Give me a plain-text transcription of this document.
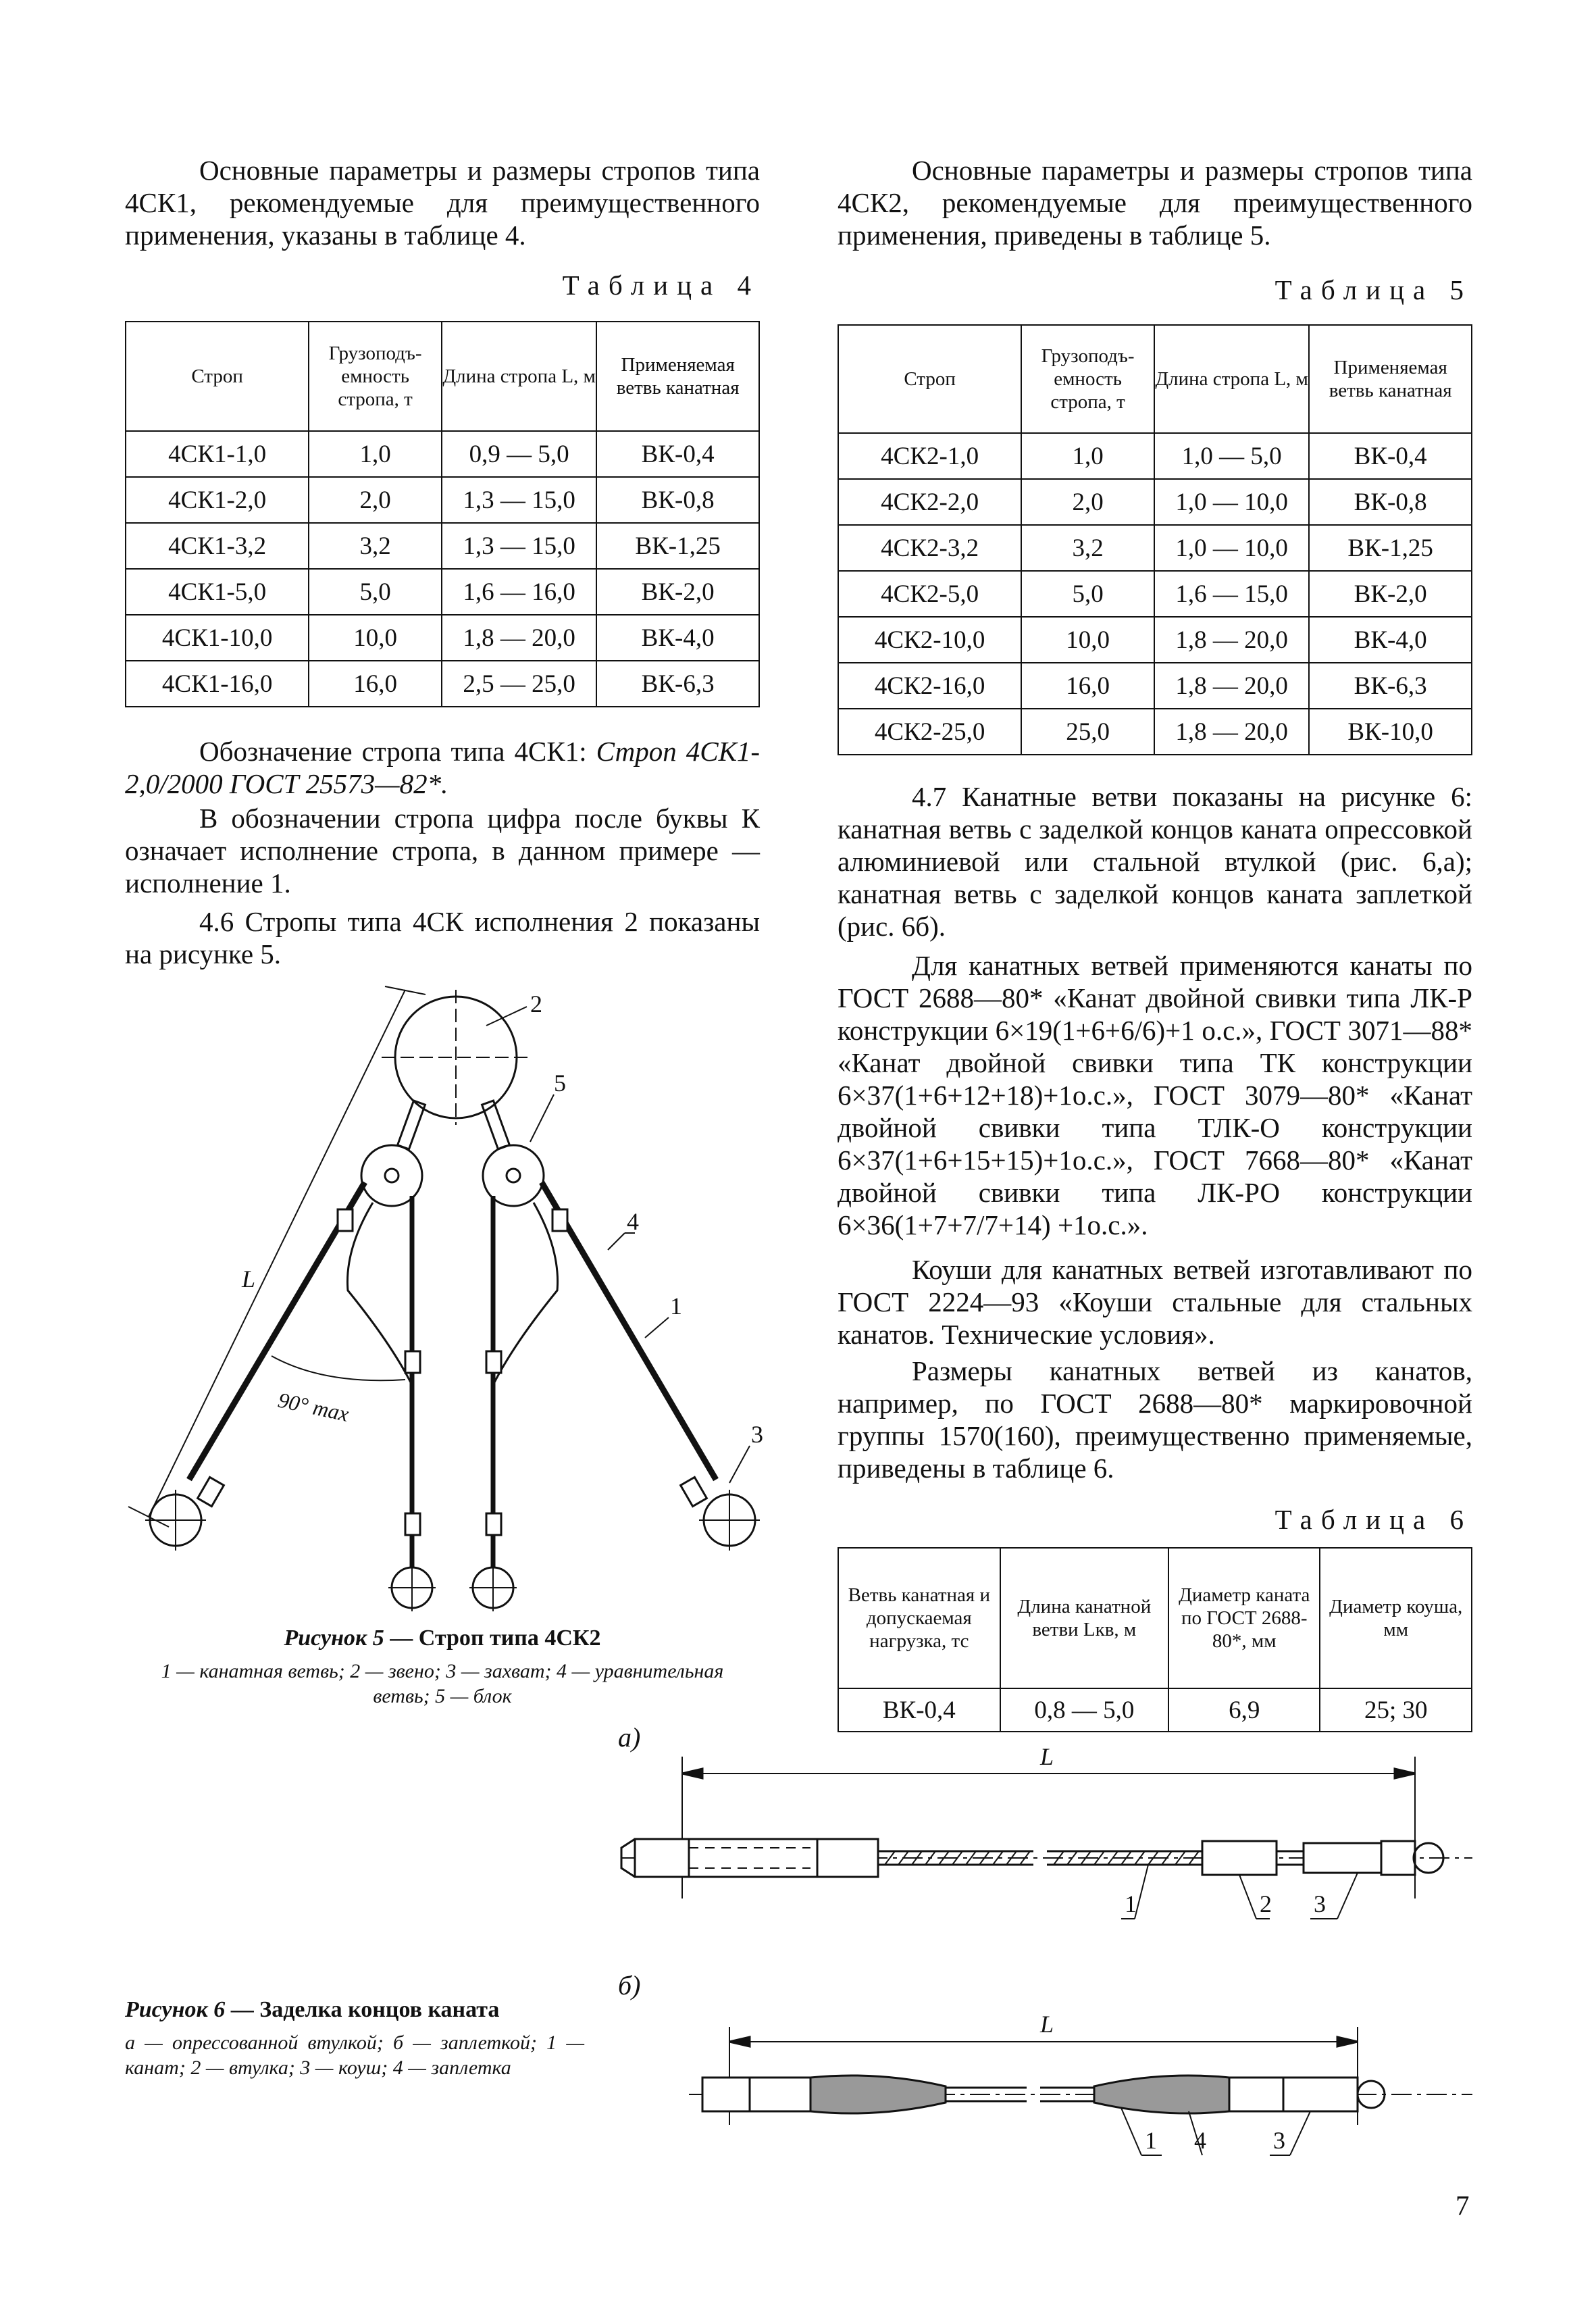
Основные параметры и размеры стропов типа 4СК1, рекомендуемые для преимущественного применения, указаны в таблице 4.

Таблица 4
Строп	Грузоподъ-емность стропа, т	Длина стропа L, м	Применяемая ветвь канатная
4СК1-1,0	1,0	0,9 — 5,0	ВК-0,4
4СК1-2,0	2,0	1,3 — 15,0	ВК-0,8
4СК1-3,2	3,2	1,3 — 15,0	ВК-1,25
4СК1-5,0	5,0	1,6 — 16,0	ВК-2,0
4СК1-10,0	10,0	1,8 — 20,0	ВК-4,0
4СК1-16,0	16,0	2,5 — 25,0	ВК-6,3

Обозначение стропа типа 4СК1: Строп 4СК1-2,0/2000 ГОСТ 25573—82*.

В обозначении стропа цифра после буквы К означает исполнение стропа, в данном примере — исполнение 1.

4.6 Стропы типа 4СК исполнения 2 показаны на рисунке 5.

2
5
4
1
3
L
90° max
Рисунок 5 — Строп типа 4СК2
1 — канатная ветвь; 2 — звено; 3 — захват; 4 — уравнительная ветвь; 5 — блок

Основные параметры и размеры стропов типа 4СК2, рекомендуемые для преимущественного применения, приведены в таблице 5.

Таблица 5
Строп	Грузоподъ-емность стропа, т	Длина стропа L, м	Применяемая ветвь канатная
4СК2-1,0	1,0	1,0 — 5,0	ВК-0,4
4СК2-2,0	2,0	1,0 — 10,0	ВК-0,8
4СК2-3,2	3,2	1,0 — 10,0	ВК-1,25
4СК2-5,0	5,0	1,6 — 15,0	ВК-2,0
4СК2-10,0	10,0	1,8 — 20,0	ВК-4,0
4СК2-16,0	16,0	1,8 — 20,0	ВК-6,3
4СК2-25,0	25,0	1,8 — 20,0	ВК-10,0

4.7 Канатные ветви показаны на рисунке 6: канатная ветвь с заделкой концов каната опрессовкой алюминиевой или стальной втулкой (рис. 6,а); канатная ветвь с заделкой концов каната заплеткой (рис. 6б).

Для канатных ветвей применяются канаты по ГОСТ 2688—80* «Канат двойной свивки типа ЛК-Р конструкции 6×19(1+6+6/6)+1 о.с.», ГОСТ 3071—88* «Канат двойной свивки типа ТК конструкции 6×37(1+6+12+18)+1о.с.», ГОСТ 3079—80* «Канат двойной свивки типа ТЛК-О конструкции 6×37(1+6+15+15)+1о.с.», ГОСТ 7668—80* «Канат двойной свивки типа ЛК-РО конструкции 6×36(1+7+7/7+14) +1о.с.».

Коуши для канатных ветвей изготавливают по ГОСТ 2224—93 «Коуши стальные для стальных канатов. Технические условия».

Размеры канатных ветвей из канатов, например, по ГОСТ 2688—80* маркировочной группы 1570(160), преимущественно применяемые, приведены в таблице 6.

Таблица 6
Ветвь канатная и допускаемая нагрузка, тс	Длина канатной ветви Lкв, м	Диаметр каната по ГОСТ 2688-80*, мм	Диаметр коуша, мм
ВК-0,4	0,8 — 5,0	6,9	25; 30
а)
б)
L
1	2 3
L
1 4	3
Рисунок 6 — Заделка концов каната
а — опрессованной втулкой; б — заплеткой; 1 — канат; 2 — втулка; 3 — коуш; 4 — заплетка
7
